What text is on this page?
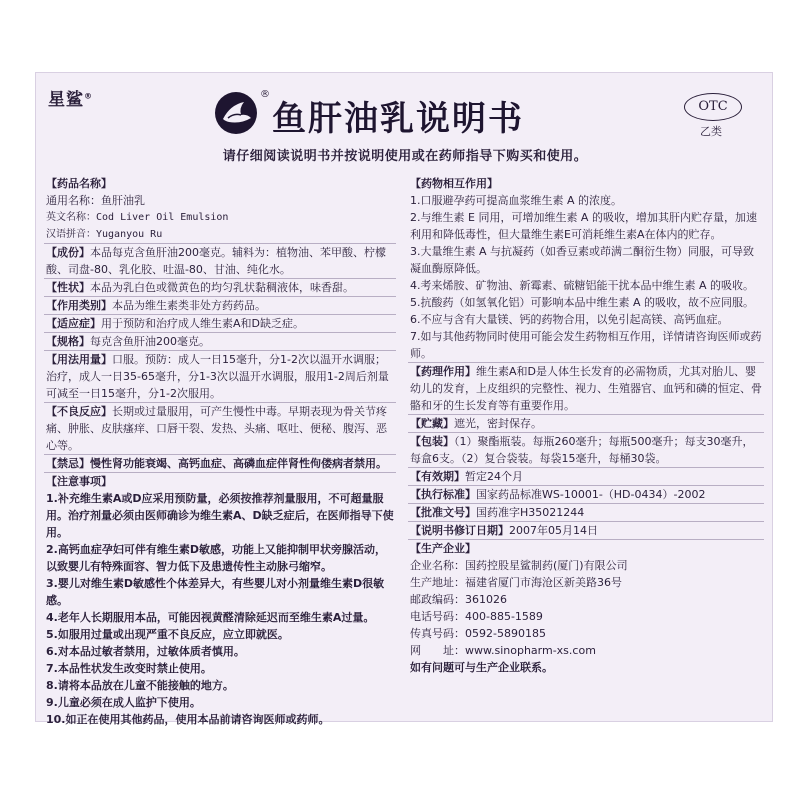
星鲨®	®
鱼肝油乳说明书	OTC
乙类
请仔细阅读说明书并按说明使用或在药师指导下购买和使用。
【药品名称】
通用名称：鱼肝油乳
英文名称：Cod Liver Oil Emulsion
汉语拼音：Yuganyou Ru
【成份】本品每克含鱼肝油200毫克。辅料为：植物油、苯甲酸、柠檬酸、司盘-80、乳化胶、吐温-80、甘油、纯化水。
【性状】本品为乳白色或微黄色的均匀乳状黏稠液体，味香甜。
【作用类别】本品为维生素类非处方药药品。
【适应症】用于预防和治疗成人维生素A和D缺乏症。
【规格】每克含鱼肝油200毫克。
【用法用量】口服。预防：成人一日15毫升，分1-2次以温开水调服；治疗，成人一日35-65毫升，分1-3次以温开水调服，服用1-2周后剂量可减至一日15毫升，分1-2次服用。
【不良反应】长期或过量服用，可产生慢性中毒。早期表现为骨关节疼痛、肿胀、皮肤瘙痒、口唇干裂、发热、头痛、呕吐、便秘、腹泻、恶心等。
【禁忌】慢性肾功能衰竭、高钙血症、高磷血症伴肾性佝偻病者禁用。
【注意事项】
1.补充维生素A或D应采用预防量，必须按推荐剂量服用，不可超量服用。治疗剂量必须由医师确诊为维生素A、D缺乏症后，在医师指导下使用。
2.高钙血症孕妇可伴有维生素D敏感，功能上又能抑制甲状旁腺活动，以致婴儿有特殊面容、智力低下及患遗传性主动脉弓缩窄。
3.婴儿对维生素D敏感性个体差异大，有些婴儿对小剂量维生素D很敏感。
4.老年人长期服用本品，可能因视黄醛清除延迟而至维生素A过量。
5.如服用过量或出现严重不良反应，应立即就医。
6.对本品过敏者禁用，过敏体质者慎用。
7.本品性状发生改变时禁止使用。
8.请将本品放在儿童不能接触的地方。
9.儿童必须在成人监护下使用。
10.如正在使用其他药品，使用本品前请咨询医师或药师。
【药物相互作用】
1.口服避孕药可提高血浆维生素 A 的浓度。
2.与维生素 E 同用，可增加维生素 A 的吸收，增加其肝内贮存量，加速利用和降低毒性，但大量维生素E可消耗维生素A在体内的贮存。
3.大量维生素 A 与抗凝药（如香豆素或茚满二酮衍生物）同服，可导致凝血酶原降低。
4.考来烯胺、矿物油、新霉素、硫糖铝能干扰本品中维生素 A 的吸收。
5.抗酸药（如氢氧化铝）可影响本品中维生素 A 的吸收，故不应同服。
6.不应与含有大量镁、钙的药物合用，以免引起高镁、高钙血症。
7.如与其他药物同时使用可能会发生药物相互作用，详情请咨询医师或药师。
【药理作用】维生素A和D是人体生长发育的必需物质，尤其对胎儿、婴幼儿的发育，上皮组织的完整性、视力、生殖器官、血钙和磷的恒定、骨骼和牙的生长发育等有重要作用。
【贮藏】遮光，密封保存。
【包装】（1）聚酯瓶装。每瓶260毫升；每瓶500毫升；每支30毫升，每盒6支。（2）复合袋装。每袋15毫升，每桶30袋。
【有效期】暂定24个月
【执行标准】国家药品标准WS-10001-（HD-0434）-2002
【批准文号】国药准字H35021244
【说明书修订日期】2007年05月14日
【生产企业】
企业名称：国药控股星鲨制药(厦门)有限公司
生产地址：福建省厦门市海沧区新美路36号
邮政编码：361026
电话号码：400-885-1589
传真号码：0592-5890185
网　　址：www.sinopharm-xs.com
如有问题可与生产企业联系。
